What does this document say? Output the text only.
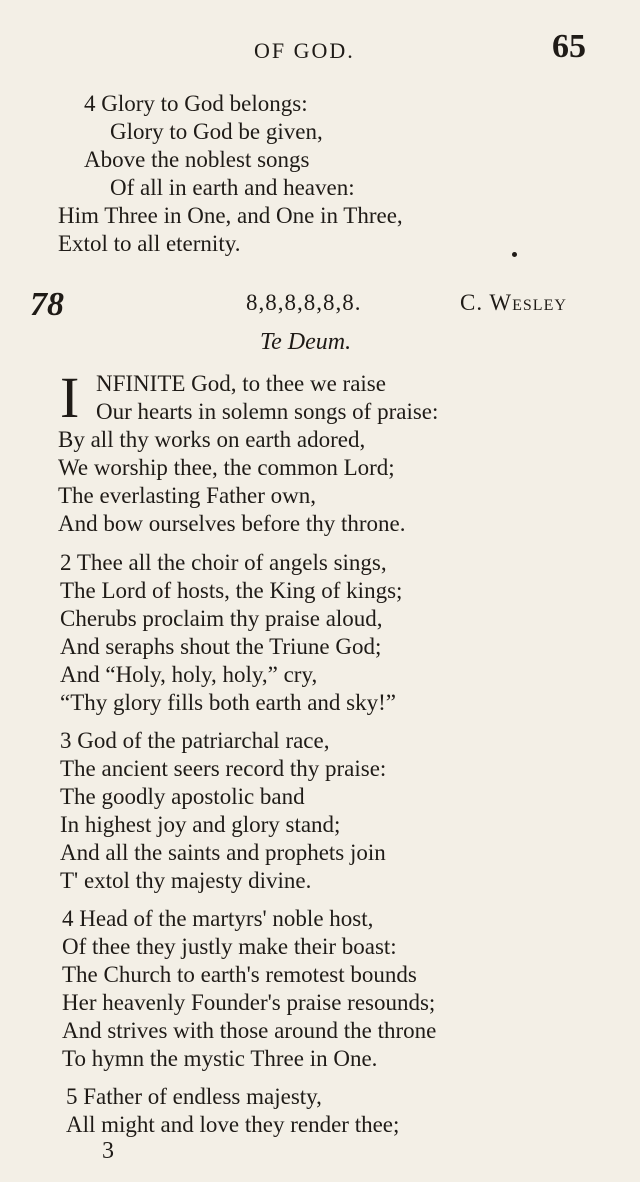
OF GOD.	65
4 Glory to God belongs:
Glory to God be given,
Above the noblest songs
Of all in earth and heaven:
Him Three in One, and One in Three,
Extol to all eternity.
78	8,8,8,8,8,8.	C. Wesley
Te Deum.
I NFINITE God, to thee we raise
Our hearts in solemn songs of praise:
By all thy works on earth adored,
We worship thee, the common Lord;
The everlasting Father own,
And bow ourselves before thy throne.
2 Thee all the choir of angels sings,
The Lord of hosts, the King of kings;
Cherubs proclaim thy praise aloud,
And seraphs shout the Triune God;
And “Holy, holy, holy,” cry,
“Thy glory fills both earth and sky!”
3 God of the patriarchal race,
The ancient seers record thy praise:
The goodly apostolic band
In highest joy and glory stand;
And all the saints and prophets join
T' extol thy majesty divine.
4 Head of the martyrs' noble host,
Of thee they justly make their boast:
The Church to earth's remotest bounds
Her heavenly Founder's praise resounds;
And strives with those around the throne
To hymn the mystic Three in One.
5 Father of endless majesty,
All might and love they render thee;
3
